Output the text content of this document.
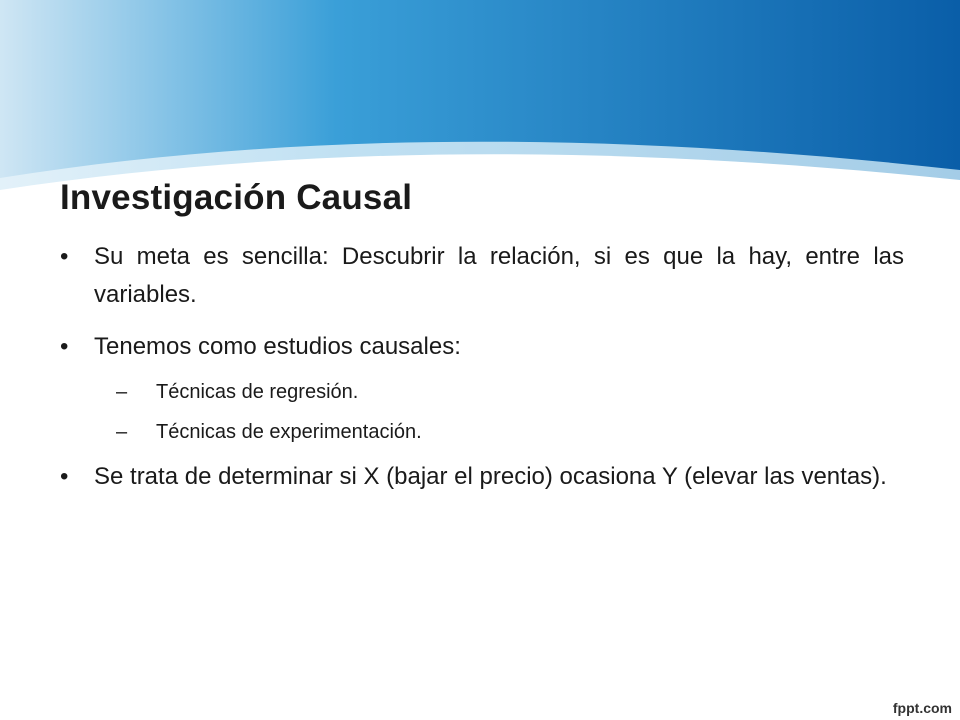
Investigación Causal
• Su meta es sencilla: Descubrir la relación, si es que la hay, entre las variables.
• Tenemos como estudios causales:
– Técnicas de regresión.
– Técnicas de experimentación.
• Se trata de determinar si X (bajar el precio) ocasiona Y (elevar las ventas).
fppt.com
